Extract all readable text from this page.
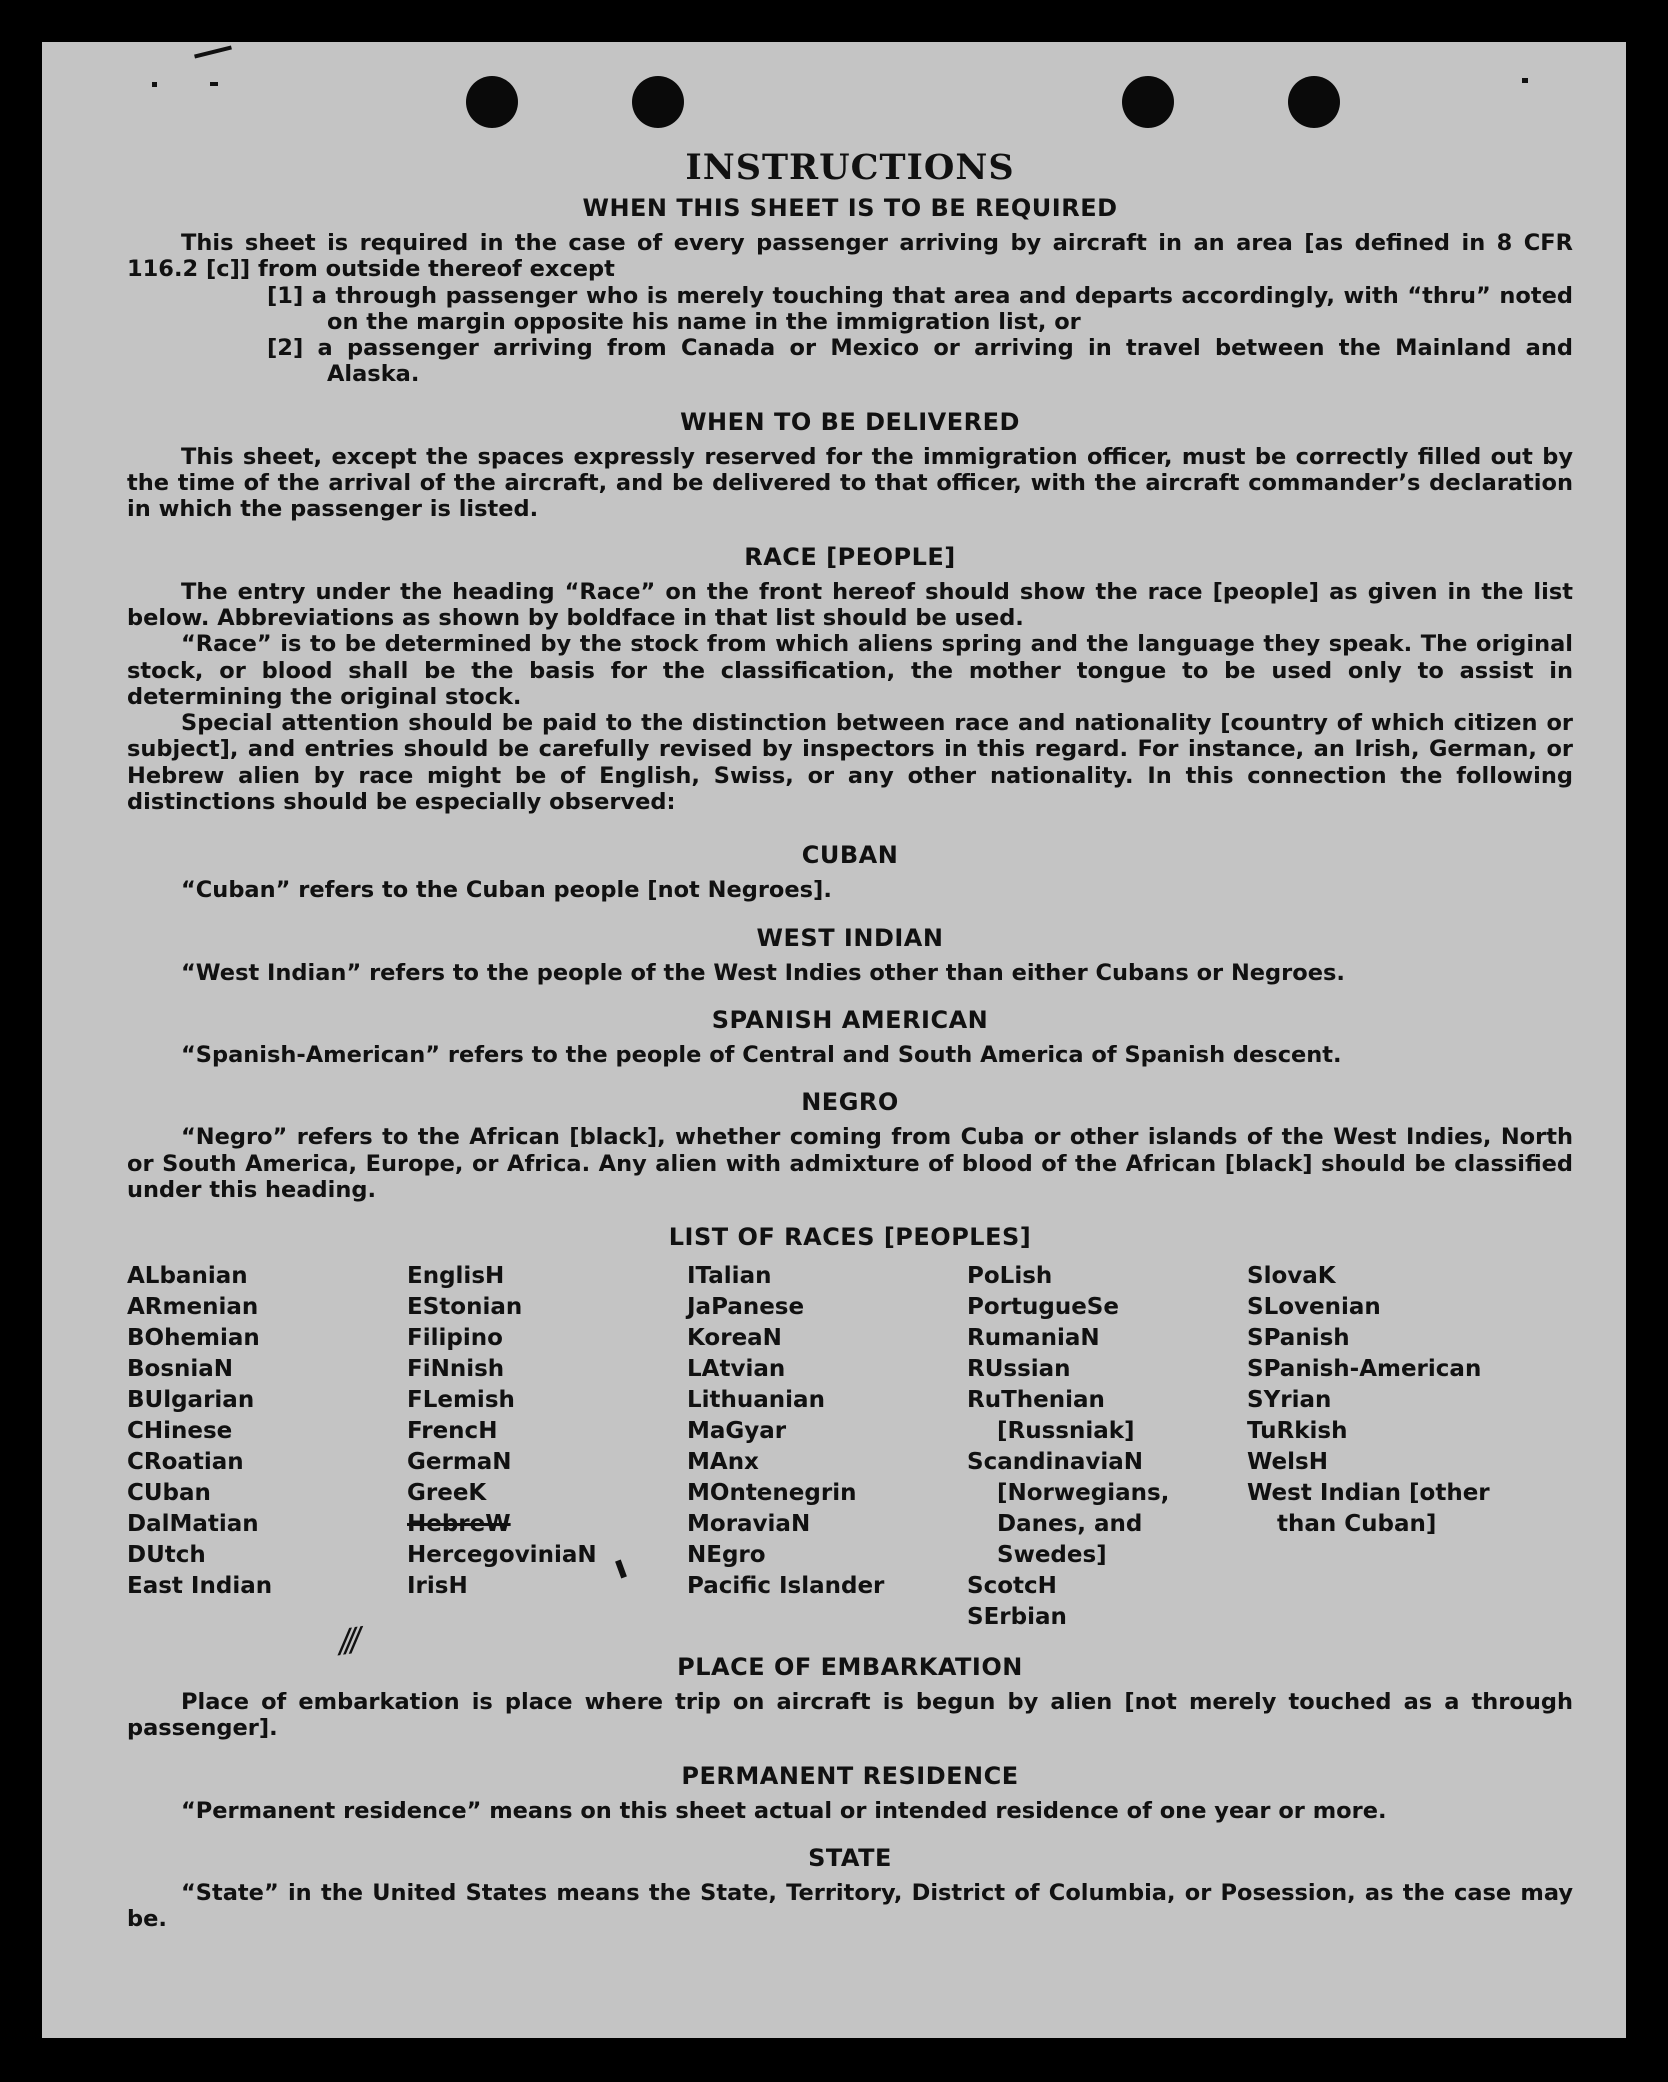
⁄⁄⁄
INSTRUCTIONS
WHEN THIS SHEET IS TO BE REQUIRED

This sheet is required in the case of every passenger arriving by aircraft in an area [as defined in 8 CFR 116.2 [c]] from outside thereof except

[1] a through passenger who is merely touching that area and departs accordingly, with “thru” noted on the margin opposite his name in the immigration list, or

[2] a passenger arriving from Canada or Mexico or arriving in travel between the Mainland and Alaska.

WHEN TO BE DELIVERED

This sheet, except the spaces expressly reserved for the immigration officer, must be correctly filled out by the time of the arrival of the aircraft, and be delivered to that officer, with the aircraft commander’s declaration in which the passenger is listed.

RACE [PEOPLE]

The entry under the heading “Race” on the front hereof should show the race [people] as given in the list below. Abbreviations as shown by boldface in that list should be used.

“Race” is to be determined by the stock from which aliens spring and the language they speak. The original stock, or blood shall be the basis for the classification, the mother tongue to be used only to assist in determining the original stock.

Special attention should be paid to the distinction between race and nationality [country of which citizen or subject], and entries should be carefully revised by inspectors in this regard. For instance, an Irish, German, or Hebrew alien by race might be of English, Swiss, or any other nationality. In this connection the following distinctions should be especially observed:

CUBAN

“Cuban” refers to the Cuban people [not Negroes].

WEST INDIAN

“West Indian” refers to the people of the West Indies other than either Cubans or Negroes.

SPANISH AMERICAN

“Spanish-American” refers to the people of Central and South America of Spanish descent.

NEGRO

“Negro” refers to the African [black], whether coming from Cuba or other islands of the West Indies, North or South America, Europe, or Africa. Any alien with admixture of blood of the African [black] should be classified under this heading.

LIST OF RACES [PEOPLES]
ALbanian
ARmenian
BOhemian
BosniaN
BUlgarian
CHinese
CRoatian
CUban
DalMatian
DUtch
East Indian
EnglisH
EStonian
Filipino
FiNnish
FLemish
FrencH
GermaN
GreeK
HebreW
HercegoviniaN
IrisH
ITalian
JaPanese
KoreaN
LAtvian
Lithuanian
MaGyar
MAnx
MOntenegrin
MoraviaN
NEgro
Pacific Islander
PoLish
PortugueSe
RumaniaN
RUssian
RuThenian [Russniak]
ScandinaviaN [Norwegians, Danes, and Swedes]
ScotcH
SErbian
SlovaK
SLovenian
SPanish
SPanish-American
SYrian
TuRkish
WelsH
West Indian [other than Cuban]
PLACE OF EMBARKATION

Place of embarkation is place where trip on aircraft is begun by alien [not merely touched as a through passenger].

PERMANENT RESIDENCE

“Permanent residence” means on this sheet actual or intended residence of one year or more.

STATE

“State” in the United States means the State, Territory, District of Columbia, or Posession, as the case may be.
